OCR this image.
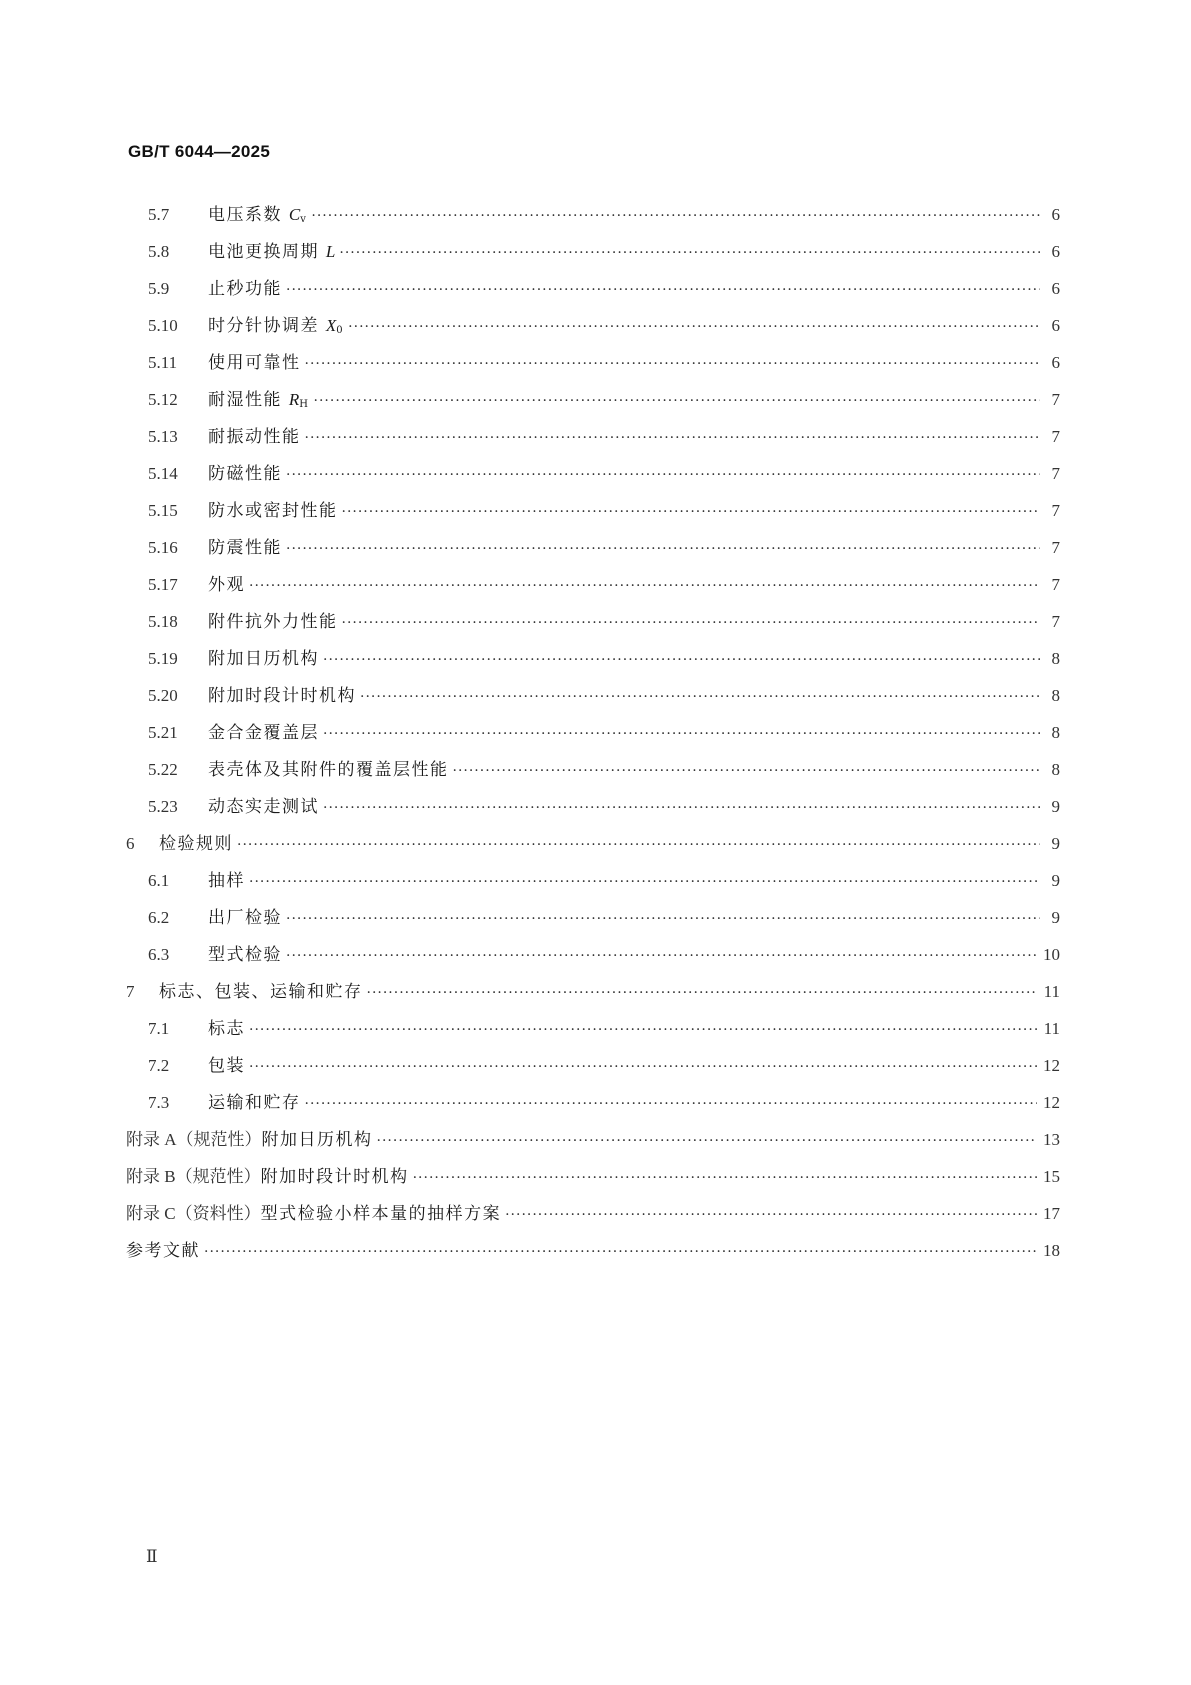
GB/T 6044—2025
5.7	电压系数 $C_v$ ·····	6
5.8	电池更换周期 L ·····	6
5.9	止秒功能 ·····	6
5.10	时分针协调差 $X_0$ ·····	6
5.11	使用可靠性 ·····	6
5.12	耐湿性能 $R_H$ ·····	7
5.13	耐振动性能 ·····	7
5.14	防磁性能 ·····	7
5.15	防水或密封性能 ·····	7
5.16	防震性能 ·····	7
5.17	外观 ·····	7
5.18	附件抗外力性能 ·····	7
5.19	附加日历机构 ·····	8
5.20	附加时段计时机构 ·····	8
5.21	金合金覆盖层 ·····	8
5.22	表壳体及其附件的覆盖层性能 ·····	8
5.23	动态实走测试 ·····	9
6	检验规则 ·····	9
6.1	抽样 ·····	9
6.2	出厂检验 ·····	9
6.3	型式检验 ·····	10
7	标志、包装、运输和贮存 ·····	11
7.1	标志 ·····	11
7.2	包装 ·····	12
7.3	运输和贮存 ·····	12
附录 A（规范性） 附加日历机构 ·····	13
附录 B（规范性） 附加时段计时机构 ·····	15
附录 C（资料性） 型式检验小样本量的抽样方案 ·····	17
参考文献 ·····	18
Ⅱ
